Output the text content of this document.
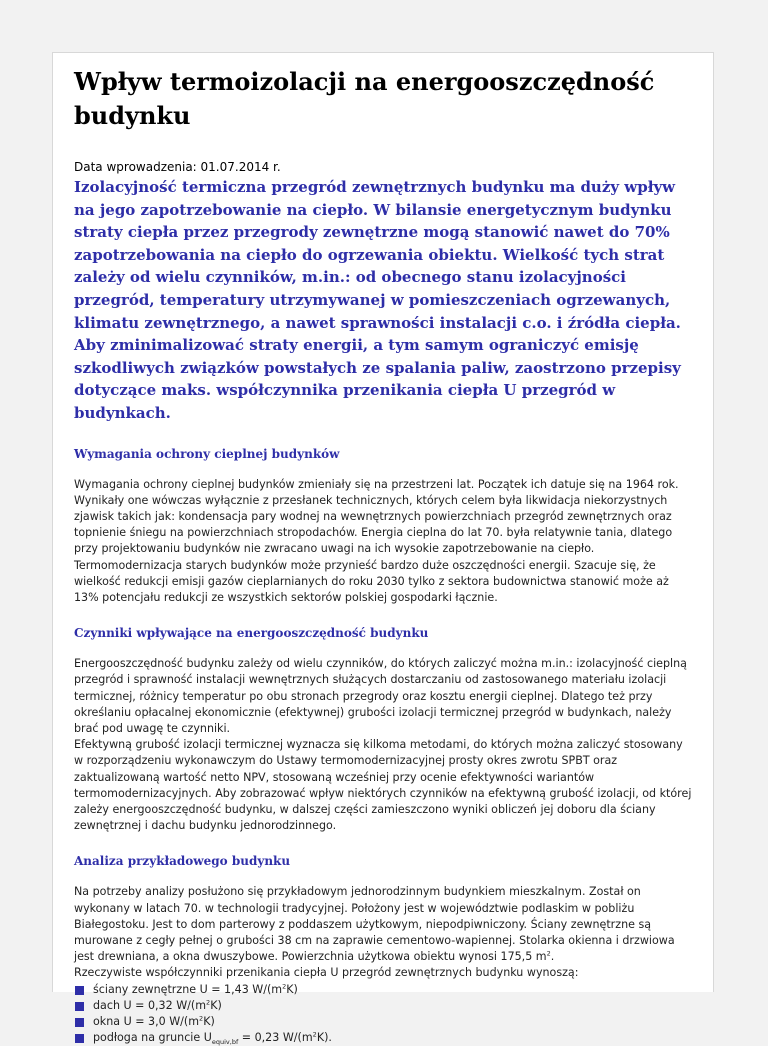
Wpływ termoizolacji na energooszczędność budynku
Data wprowadzenia: 01.07.2014 r.

Izolacyjność termiczna przegród zewnętrznych budynku ma duży wpływ na jego zapotrzebowanie na ciepło. W bilansie energetycznym budynku straty ciepła przez przegrody zewnętrzne mogą stanowić nawet do 70% zapotrzebowania na ciepło do ogrzewania obiektu. Wielkość tych strat zależy od wielu czynników, m.in.: od obecnego stanu izolacyjności przegród, temperatury utrzymywanej w pomieszczeniach ogrzewanych, klimatu zewnętrznego, a nawet sprawności instalacji c.o. i źródła ciepła. Aby zminimalizować straty energii, a tym samym ograniczyć emisję szkodliwych związków powstałych ze spalania paliw, zaostrzono przepisy dotyczące maks. współczynnika przenikania ciepła U przegród w budynkach.

Wymagania ochrony cieplnej budynków

Wymagania ochrony cieplnej budynków zmieniały się na przestrzeni lat. Początek ich datuje się na 1964 rok. Wynikały one wówczas wyłącznie z przesłanek technicznych, których celem była likwidacja niekorzystnych zjawisk takich jak: kondensacja pary wodnej na wewnętrznych powierzchniach przegród zewnętrznych oraz topnienie śniegu na powierzchniach stropodachów. Energia cieplna do lat 70. była relatywnie tania, dlatego przy projektowaniu budynków nie zwracano uwagi na ich wysokie zapotrzebowanie na ciepło. Termomodernizacja starych budynków może przynieść bardzo duże oszczędności energii. Szacuje się, że wielkość redukcji emisji gazów cieplarnianych do roku 2030 tylko z sektora budownictwa stanowić może aż 13% potencjału redukcji ze wszystkich sektorów polskiej gospodarki łącznie.

Czynniki wpływające na energooszczędność budynku

Energooszczędność budynku zależy od wielu czynników, do których zaliczyć można m.in.: izolacyjność cieplną przegród i sprawność instalacji wewnętrznych służących dostarczaniu od zastosowanego materiału izolacji termicznej, różnicy temperatur po obu stronach przegrody oraz kosztu energii cieplnej. Dlatego też przy określaniu opłacalnej ekonomicznie (efektywnej) grubości izolacji termicznej przegród w budynkach, należy brać pod uwagę te czynniki.
Efektywną grubość izolacji termicznej wyznacza się kilkoma metodami, do których można zaliczyć stosowany w rozporządzeniu wykonawczym do Ustawy termomodernizacyjnej prosty okres zwrotu SPBT oraz zaktualizowaną wartość netto NPV, stosowaną wcześniej przy ocenie efektywności wariantów termomodernizacyjnych. Aby zobrazować wpływ niektórych czynników na efektywną grubość izolacji, od której zależy energooszczędność budynku, w dalszej części zamieszczono wyniki obliczeń jej doboru dla ściany zewnętrznej i dachu budynku jednorodzinnego.

Analiza przykładowego budynku

Na potrzeby analizy posłużono się przykładowym jednorodzinnym budynkiem mieszkalnym. Został on wykonany w latach 70. w technologii tradycyjnej. Położony jest w województwie podlaskim w pobliżu Białegostoku. Jest to dom parterowy z poddaszem użytkowym, niepodpiwniczony. Ściany zewnętrzne są murowane z cegły pełnej o grubości 38 cm na zaprawie cementowo-wapiennej. Stolarka okienna i drzwiowa jest drewniana, a okna dwuszybowe. Powierzchnia użytkowa obiektu wynosi 175,5 $m^2$.
Rzeczywiste współczynniki przenikania ciepła U przegród zewnętrznych budynku wynoszą:

ściany zewnętrzne U = 1,43 $W/(m^2K)$
dach U = 0,32 $W/(m^2K)$
okna U = 3,0 $W/(m^2K)$
podłoga na gruncie $U_{equiv,bf} = 0,23$ $W/(m^2K)$.
